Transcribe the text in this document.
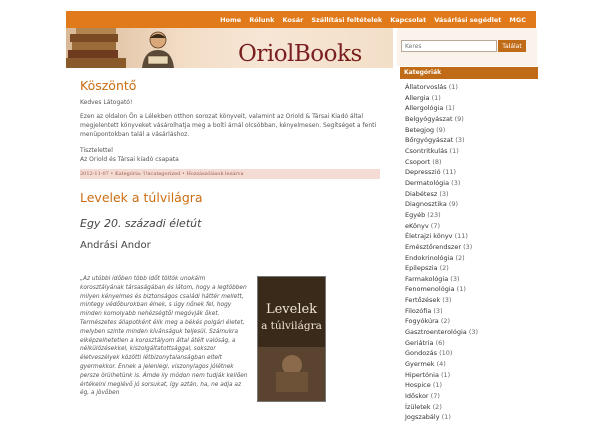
Home Rólunk Kosár Szállítási feltételek Kapcsolat Vásárlási segédlet MGC
OriolBooks
Keres	Találat
Köszöntő
Kedves Látogató!
Ezen az oldalon Ön a Lélekben otthon sorozat könyveit, valamint az Oriold & Társai Kiadó által megjelentett könyveket vásárolhatja meg a bolti árnál olcsóbban, kényelmesen. Segítséget a fenti menüpontokban talál a vásárláshoz.
Tisztelettel
Az Oriold és Társai kiadó csapata
2012-11-07 • Kategória: Uncategorized • Hozzászólások lezárva
Levelek a túlvilágra
Egy 20. századi életút
Andrási Andor
„Az utóbbi időben több időt töltök unokáim korosztályának társaságában és látom, hogy a legtöbben milyen kényelmes és biztonságos családi háttér mellett, mintegy védőburokban élnek, s úgy nőnek fel, hogy minden komolyabb nehézségtől megóvják őket. Természetes állapotként élik meg a békés polgári életet, melyben szinte minden kívánságuk teljesül. Számukra elképzelhetetlen a korosztályom által átélt valóság, a nélkülözésekkel, kiszolgáltatottsággal, sokszor életveszélyek közötti létbizonytalanságban eltelt gyermekkor. Ennek a jelenlegi, viszonylagos jólétnek persze örülhetünk is. Ámde ily módon nem tudják kellően értékelni meglévő jó sorsukat, így aztán, ha, ne adja az ég, a jövőben
Levelek
a túlvilágra
Kategóriák
Állatorvoslás (1)
Allergia (1)
Allergológia (1)
Belgyógyászat (9)
Betegjog (9)
Bőrgyógyászat (3)
Csontritkulás (1)
Csoport (8)
Depresszió (11)
Dermatológia (3)
Diabétesz (3)
Diagnosztika (9)
Egyéb (23)
eKönyv (7)
Életrajzi könyv (11)
Emésztőrendszer (3)
Endokrinológia (2)
Epilepszia (2)
Farmakológia (3)
Fenomenológia (1)
Fertőzések (3)
Filozófia (3)
Fogyókúra (2)
Gasztroenterológia (3)
Geriátria (6)
Gondozás (10)
Gyermek (4)
Hipertónia (1)
Hospice (1)
Időskor (7)
Ízületek (2)
Jogszabály (1)
